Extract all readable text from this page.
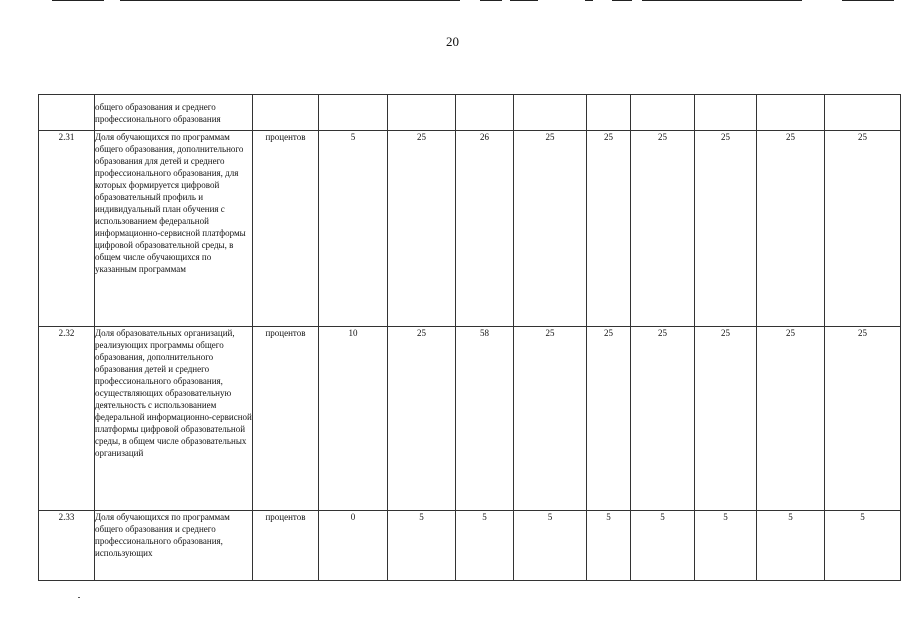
20
	общего образования и среднего профессионального образования										
2.31	Доля обучающихся по программам общего образования, дополнительного образования для детей и среднего профессионального образования, для которых формируется цифровой образовательный профиль и индивидуальный план обучения с использованием федеральной информационно-сервисной платформы цифровой образовательной среды, в общем числе обучающихся по указанным программам	процентов	5	25	26	25	25	25	25	25	25
2.32	Доля образовательных организаций, реализующих программы общего образования, дополнительного образования детей и среднего профессионального образования, осуществляющих образовательную деятельность с использованием федеральной информационно-сервисной платформы цифровой образовательной среды, в общем числе образовательных организаций	процентов	10	25	58	25	25	25	25	25	25
2.33	Доля обучающихся по программам общего образования и среднего профессионального образования, использующих	процентов	0	5	5	5	5	5	5	5	5
